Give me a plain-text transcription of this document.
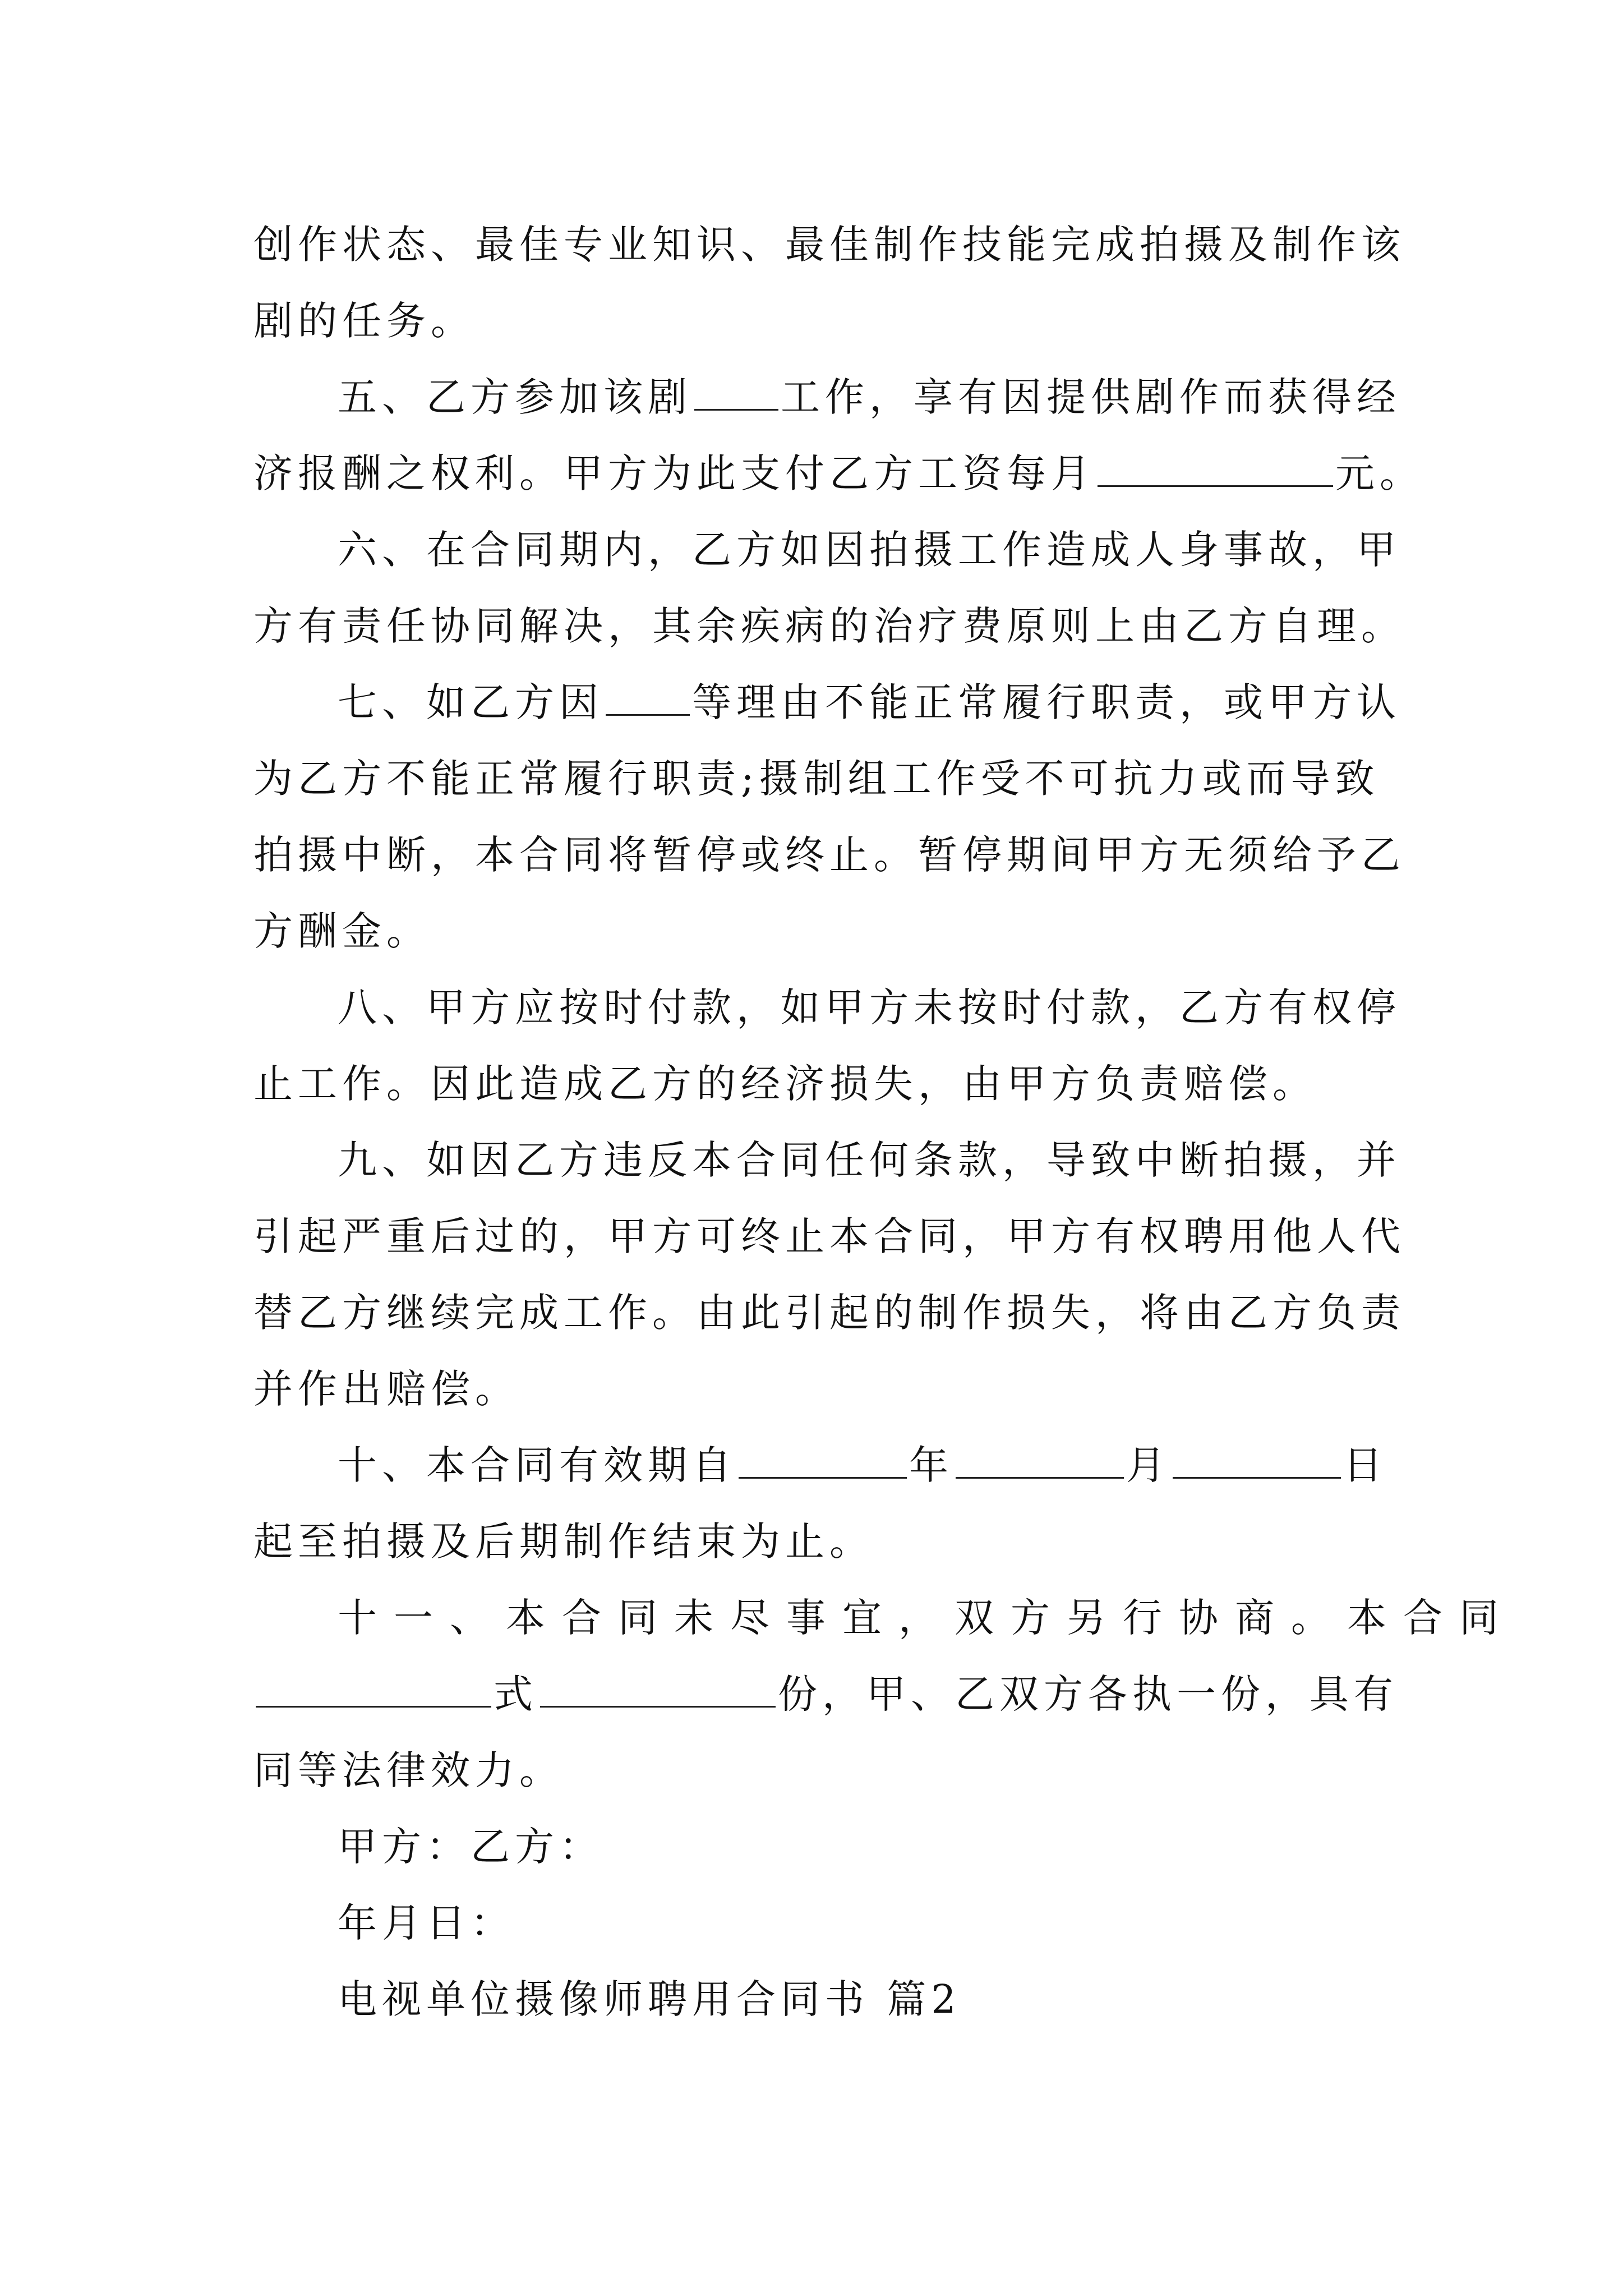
创作状态、最佳专业知识、最佳制作技能完成拍摄及制作该

剧的任务。

五、乙方参加该剧 工作，享有因提供剧作而获得经

济报酬之权利。甲方为此支付乙方工资每月	元。

六、在合同期内，乙方如因拍摄工作造成人身事故，甲

方有责任协同解决，其余疾病的治疗费原则上由乙方自理。

七、如乙方因 等理由不能正常履行职责，或甲方认

为乙方不能正常履行职责;摄制组工作受不可抗力或而导致

拍摄中断，本合同将暂停或终止。暂停期间甲方无须给予乙

方酬金。

八、甲方应按时付款，如甲方未按时付款，乙方有权停

止工作。因此造成乙方的经济损失，由甲方负责赔偿。

九、如因乙方违反本合同任何条款，导致中断拍摄，并

引起严重后过的，甲方可终止本合同，甲方有权聘用他人代

替乙方继续完成工作。由此引起的制作损失，将由乙方负责

并作出赔偿。

十、本合同有效期自	年	月	日

起至拍摄及后期制作结束为止。

十一、本合同未尽事宜，双方另行协商。本合同

式	份，甲、乙双方各执一份，具有

同等法律效力。

甲方：乙方：

年月日：

电视单位摄像师聘用合同书 篇2
